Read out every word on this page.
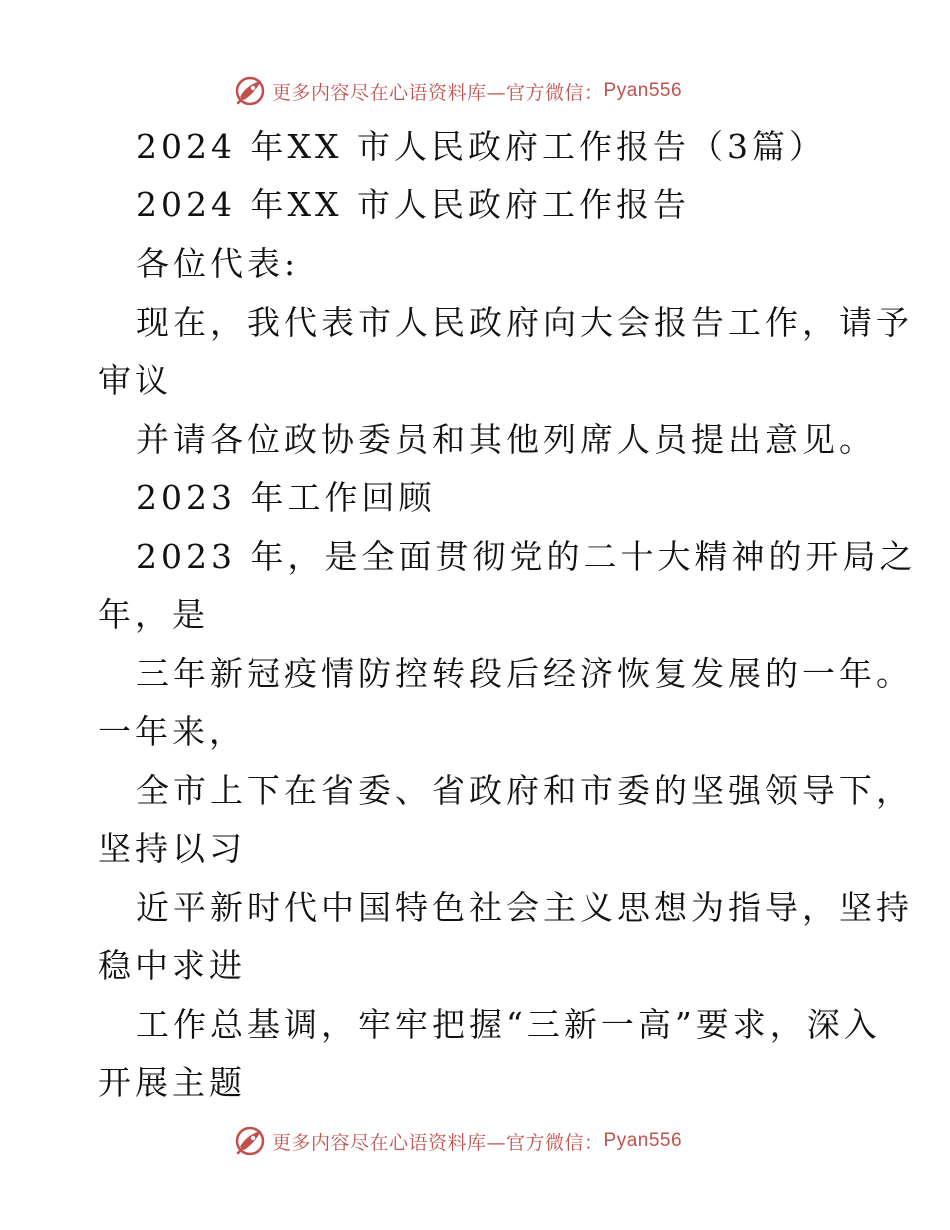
更多内容尽在心语资料库—官方微信： Pyan556
2024 年XX 市人民政府工作报告（3篇）
2024 年XX 市人民政府工作报告
各位代表:
现在，我代表市人民政府向大会报告工作，请予
审议
并请各位政协委员和其他列席人员提出意见。
2023 年工作回顾
2023 年，是全面贯彻党的二十大精神的开局之
年，是
三年新冠疫情防控转段后经济恢复发展的一年。
一年来，
全市上下在省委、省政府和市委的坚强领导下，
坚持以习
近平新时代中国特色社会主义思想为指导，坚持
稳中求进
工作总基调，牢牢把握“三新一高”要求，深入
开展主题
更多内容尽在心语资料库—官方微信： Pyan556
